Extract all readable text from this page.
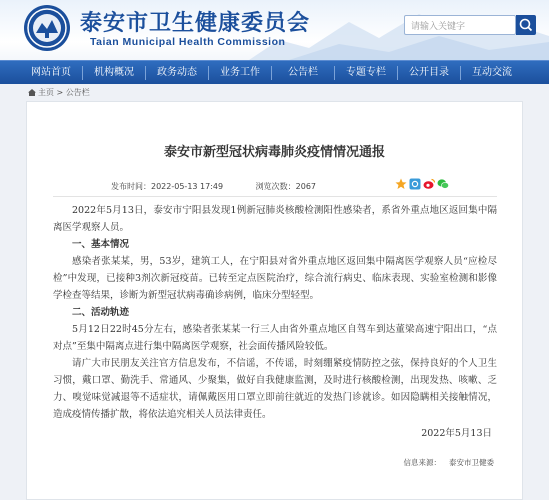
泰安市卫生健康委员会
Taian Municipal Health Commission
请输入关键字
网站首页	机构概况	政务动态	业务工作	公告栏	专题专栏	公开目录	互动交流
主页 > 公告栏
泰安市新型冠状病毒肺炎疫情情况通报
发布时间：2022-05-13 17:49	浏览次数：2067

2022年5月13日，泰安市宁阳县发现1例新冠肺炎核酸检测阳性感染者，系省外重点地区返回集中隔离医学观察人员。

一、基本情况

感染者张某某，男，53岁，建筑工人，在宁阳县对省外重点地区返回集中隔离医学观察人员“应检尽检”中发现，已接种3剂次新冠疫苗。已转至定点医院治疗，综合流行病史、临床表现、实验室检测和影像学检查等结果，诊断为新型冠状病毒确诊病例，临床分型轻型。

二、活动轨迹

5月12日22时45分左右，感染者张某某一行三人由省外重点地区自驾车到达董梁高速宁阳出口，“点对点”至集中隔离点进行集中隔离医学观察，社会面传播风险较低。

请广大市民朋友关注官方信息发布，不信谣，不传谣，时刻绷紧疫情防控之弦，保持良好的个人卫生习惯，戴口罩、勤洗手、常通风、少聚集，做好自我健康监测，及时进行核酸检测，出现发热、咳嗽、乏力、嗅觉味觉减退等不适症状，请佩戴医用口罩立即前往就近的发热门诊就诊。如因隐瞒相关接触情况，造成疫情传播扩散，将依法追究相关人员法律责任。

2022年5月13日
信息来源： 泰安市卫健委
